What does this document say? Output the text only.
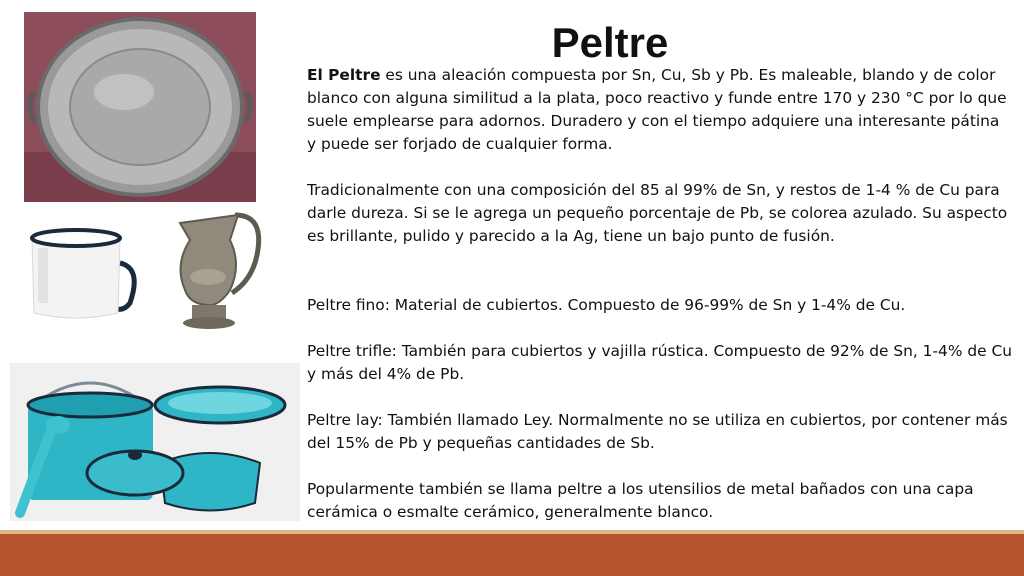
Peltre

El Peltre es una aleación compuesta por Sn, Cu, Sb y Pb. Es maleable, blando y de color blanco con alguna similitud a la plata, poco reactivo y funde entre 170 y 230 °C por lo que suele emplearse para adornos. Duradero y con el tiempo adquiere una interesante pátina y puede ser forjado de cualquier forma.

Tradicionalmente con una composición del 85 al 99% de Sn, y restos de 1-4 % de Cu para darle dureza. Si se le agrega un pequeño porcentaje de Pb, se colorea azulado. Su aspecto es brillante, pulido y parecido a la Ag, tiene un bajo punto de fusión.

Peltre fino: Material de cubiertos. Compuesto de 96-99% de Sn y 1-4% de Cu.

Peltre trifle: También para cubiertos y vajilla rústica. Compuesto de 92% de Sn, 1-4% de Cu y más del 4% de Pb.

Peltre lay: También llamado Ley. Normalmente no se utiliza en cubiertos, por contener más del 15% de Pb y pequeñas cantidades de Sb.

Popularmente también se llama peltre a los utensilios de metal bañados con una capa cerámica o esmalte cerámico, generalmente blanco.
